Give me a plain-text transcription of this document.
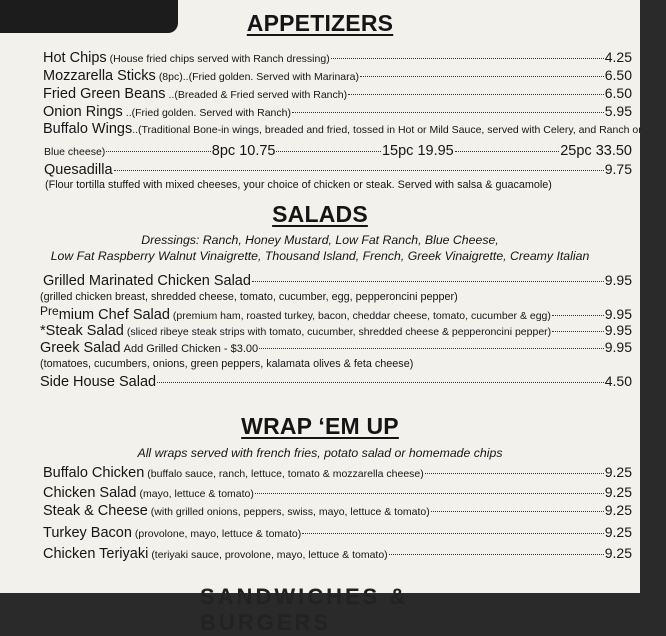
APPETIZERS
Hot Chips (House fried chips served with Ranch dressing)	4.25
Mozzarella Sticks (8pc)..(Fried golden. Served with Marinara)	6.50
Fried Green Beans ..(Breaded & Fried served with Ranch)	6.50
Onion Rings ..(Fried golden. Served with Ranch)	5.95
Buffalo Wings..(Traditional Bone-in wings, breaded and fried, tossed in Hot or Mild Sauce, served with Celery, and Ranch or
Blue cheese)	8pc 10.75	15pc 19.95	25pc 33.50
Quesadilla	9.75
(Flour tortilla stuffed with mixed cheeses, your choice of chicken or steak. Served with salsa & guacamole)
SALADS
Dressings: Ranch, Honey Mustard, Low Fat Ranch, Blue Cheese,
Low Fat Raspberry Walnut Vinaigrette, Thousand Island, French, Greek Vinaigrette, Creamy Italian
Grilled Marinated Chicken Salad	9.95
(grilled chicken breast, shredded cheese, tomato, cucumber, egg, pepperoncini pepper)
Pre mium Chef Salad (premium ham, roasted turkey, bacon, cheddar cheese, tomato, cucumber & egg)	9.95
*Steak Salad (sliced ribeye steak strips with tomato, cucumber, shredded cheese & pepperoncini pepper)	9.95
Greek Salad Add Grilled Chicken - $3.00	9.95
(tomatoes, cucumbers, onions, green peppers, kalamata olives & feta cheese)
Side House Salad	4.50
WRAP ‘EM UP
All wraps served with french fries, potato salad or homemade chips
Buffalo Chicken (buffalo sauce, ranch, lettuce, tomato & mozzarella cheese)	9.25
Chicken Salad (mayo, lettuce & tomato)	9.25
Steak & Cheese (with grilled onions, peppers, swiss, mayo, lettuce & tomato)	9.25
Turkey Bacon (provolone, mayo, lettuce & tomato)	9.25
Chicken Teriyaki (teriyaki sauce, provolone, mayo, lettuce & tomato)	9.25
SANDWICHES & BURGERS
